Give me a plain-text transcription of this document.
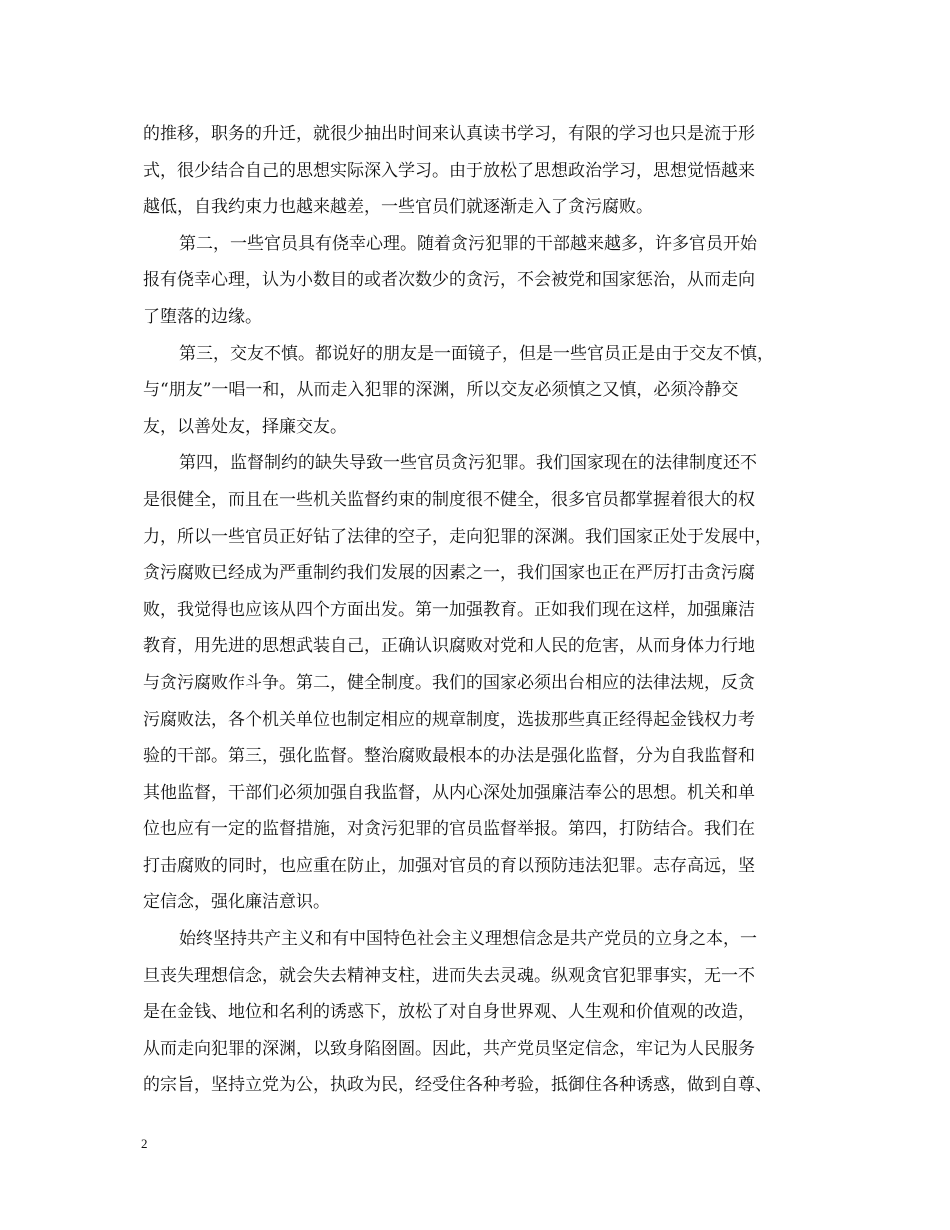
的推移，职务的升迁，就很少抽出时间来认真读书学习，有限的学习也只是流于形
式，很少结合自己的思想实际深入学习。由于放松了思想政治学习，思想觉悟越来
越低，自我约束力也越来越差，一些官员们就逐渐走入了贪污腐败。
第二，一些官员具有侥幸心理。随着贪污犯罪的干部越来越多，许多官员开始
报有侥幸心理，认为小数目的或者次数少的贪污，不会被党和国家惩治，从而走向
了堕落的边缘。
第三，交友不慎。都说好的朋友是一面镜子，但是一些官员正是由于交友不慎，
与“朋友”一唱一和，从而走入犯罪的深渊，所以交友必须慎之又慎，必须冷静交
友，以善处友，择廉交友。
第四，监督制约的缺失导致一些官员贪污犯罪。我们国家现在的法律制度还不
是很健全，而且在一些机关监督约束的制度很不健全，很多官员都掌握着很大的权
力，所以一些官员正好钻了法律的空子，走向犯罪的深渊。我们国家正处于发展中，
贪污腐败已经成为严重制约我们发展的因素之一，我们国家也正在严厉打击贪污腐
败，我觉得也应该从四个方面出发。第一加强教育。正如我们现在这样，加强廉洁
教育，用先进的思想武装自己，正确认识腐败对党和人民的危害，从而身体力行地
与贪污腐败作斗争。第二，健全制度。我们的国家必须出台相应的法律法规，反贪
污腐败法，各个机关单位也制定相应的规章制度，选拔那些真正经得起金钱权力考
验的干部。第三，强化监督。整治腐败最根本的办法是强化监督，分为自我监督和
其他监督，干部们必须加强自我监督，从内心深处加强廉洁奉公的思想。机关和单
位也应有一定的监督措施，对贪污犯罪的官员监督举报。第四，打防结合。我们在
打击腐败的同时，也应重在防止，加强对官员的育以预防违法犯罪。志存高远，坚
定信念，强化廉洁意识。
始终坚持共产主义和有中国特色社会主义理想信念是共产党员的立身之本，一
旦丧失理想信念，就会失去精神支柱，进而失去灵魂。纵观贪官犯罪事实，无一不
是在金钱、地位和名利的诱惑下，放松了对自身世界观、人生观和价值观的改造，
从而走向犯罪的深渊，以致身陷囹圄。因此，共产党员坚定信念，牢记为人民服务
的宗旨，坚持立党为公，执政为民，经受住各种考验，抵御住各种诱惑，做到自尊、
2
